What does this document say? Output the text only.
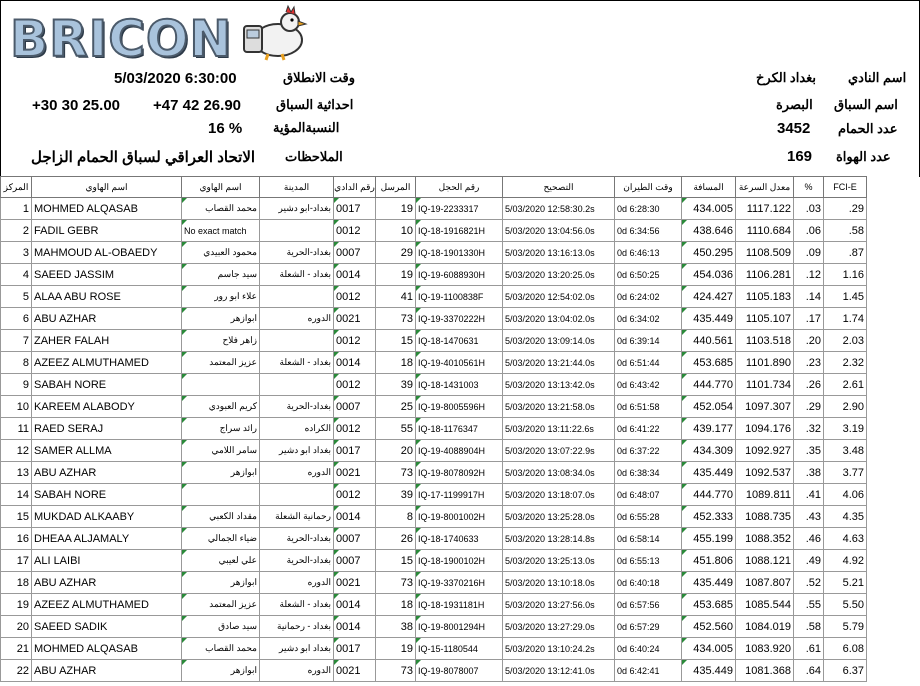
BRICON
وقت الانطلاق
5/03/2020 6:30:00
احداثية السباق
+47 42 26.90
+30 30 25.00
النسبةالمؤية
16 %
الملاحظات
الاتحاد العراقي لسباق الحمام الزاجل
اسم النادي
بغداد الكرخ
اسم السباق
البصرة
عدد الحمام
3452
عدد الهواة
169
المركز	اسم الهاوي	اسم الهاوي	المدينة	رقم الدادي	المرسل	رقم الحجل	التصحيح	وقت الطيران	المسافة	معدل السرعة	%	FCI-E
1	MOHMED ALQASAB	محمد القصاب	بغداد-ابو دشير	0017	19	IQ-19-2233317	5/03/2020 12:58:30.2s	0d 6:28:30	434.005	1117.122	.03	.29
2	FADIL GEBR	No exact match		0012	10	IQ-18-1916821H	5/03/2020 13:04:56.0s	0d 6:34:56	438.646	1110.684	.06	.58
3	MAHMOUD AL-OBAEDY	محمود العبيدي	بغداد-الحرية	0007	29	IQ-18-1901330H	5/03/2020 13:16:13.0s	0d 6:46:13	450.295	1108.509	.09	.87
4	SAEED JASSIM	سيد جاسم	بغداد - الشعلة	0014	19	IQ-19-6088930H	5/03/2020 13:20:25.0s	0d 6:50:25	454.036	1106.281	.12	1.16
5	ALAA ABU ROSE	علاء ابو رور		0012	41	IQ-19-1100838F	5/03/2020 12:54:02.0s	0d 6:24:02	424.427	1105.183	.14	1.45
6	ABU AZHAR	ابوازهر	الدوره	0021	73	IQ-19-3370222H	5/03/2020 13:04:02.0s	0d 6:34:02	435.449	1105.107	.17	1.74
7	ZAHER FALAH	زاهر فلاح		0012	15	IQ-18-1470631	5/03/2020 13:09:14.0s	0d 6:39:14	440.561	1103.518	.20	2.03
8	AZEEZ ALMUTHAMED	عزيز المعتمد	بغداد - الشعلة	0014	18	IQ-19-4010561H	5/03/2020 13:21:44.0s	0d 6:51:44	453.685	1101.890	.23	2.32
9	SABAH NORE			0012	39	IQ-18-1431003	5/03/2020 13:13:42.0s	0d 6:43:42	444.770	1101.734	.26	2.61
10	KAREEM ALABODY	كريم العبودي	بغداد-الحرية	0007	25	IQ-19-8005596H	5/03/2020 13:21:58.0s	0d 6:51:58	452.054	1097.307	.29	2.90
11	RAED SERAJ	رائد سراج	الكراده	0012	55	IQ-18-1176347	5/03/2020 13:11:22.6s	0d 6:41:22	439.177	1094.176	.32	3.19
12	SAMER ALLMA	سامر اللامي	بغداد ابو دشير	0017	20	IQ-19-4088904H	5/03/2020 13:07:22.9s	0d 6:37:22	434.309	1092.927	.35	3.48
13	ABU AZHAR	ابوازهر	الدوره	0021	73	IQ-19-8078092H	5/03/2020 13:08:34.0s	0d 6:38:34	435.449	1092.537	.38	3.77
14	SABAH NORE			0012	39	IQ-17-1199917H	5/03/2020 13:18:07.0s	0d 6:48:07	444.770	1089.811	.41	4.06
15	MUKDAD ALKAABY	مقداد الكعبي	رحمانية الشعلة	0014	8	IQ-19-8001002H	5/03/2020 13:25:28.0s	0d 6:55:28	452.333	1088.735	.43	4.35
16	DHEAA ALJAMALY	ضياء الجمالي	بغداد-الحرية	0007	26	IQ-18-1740633	5/03/2020 13:28:14.8s	0d 6:58:14	455.199	1088.352	.46	4.63
17	ALI LAIBI	علي لعيبي	بغداد-الحرية	0007	15	IQ-18-1900102H	5/03/2020 13:25:13.0s	0d 6:55:13	451.806	1088.121	.49	4.92
18	ABU AZHAR	ابوازهر	الدوره	0021	73	IQ-19-3370216H	5/03/2020 13:10:18.0s	0d 6:40:18	435.449	1087.807	.52	5.21
19	AZEEZ ALMUTHAMED	عزيز المعتمد	بغداد - الشعلة	0014	18	IQ-18-1931181H	5/03/2020 13:27:56.0s	0d 6:57:56	453.685	1085.544	.55	5.50
20	SAEED SADIK	سيد صادق	بغداد - رحمانية	0014	38	IQ-19-8001294H	5/03/2020 13:27:29.0s	0d 6:57:29	452.560	1084.019	.58	5.79
21	MOHMED ALQASAB	محمد القصاب	بغداد ابو دشير	0017	19	IQ-15-1180544	5/03/2020 13:10:24.2s	0d 6:40:24	434.005	1083.920	.61	6.08
22	ABU AZHAR	ابوازهر	الدوره	0021	73	IQ-19-8078007	5/03/2020 13:12:41.0s	0d 6:42:41	435.449	1081.368	.64	6.37
